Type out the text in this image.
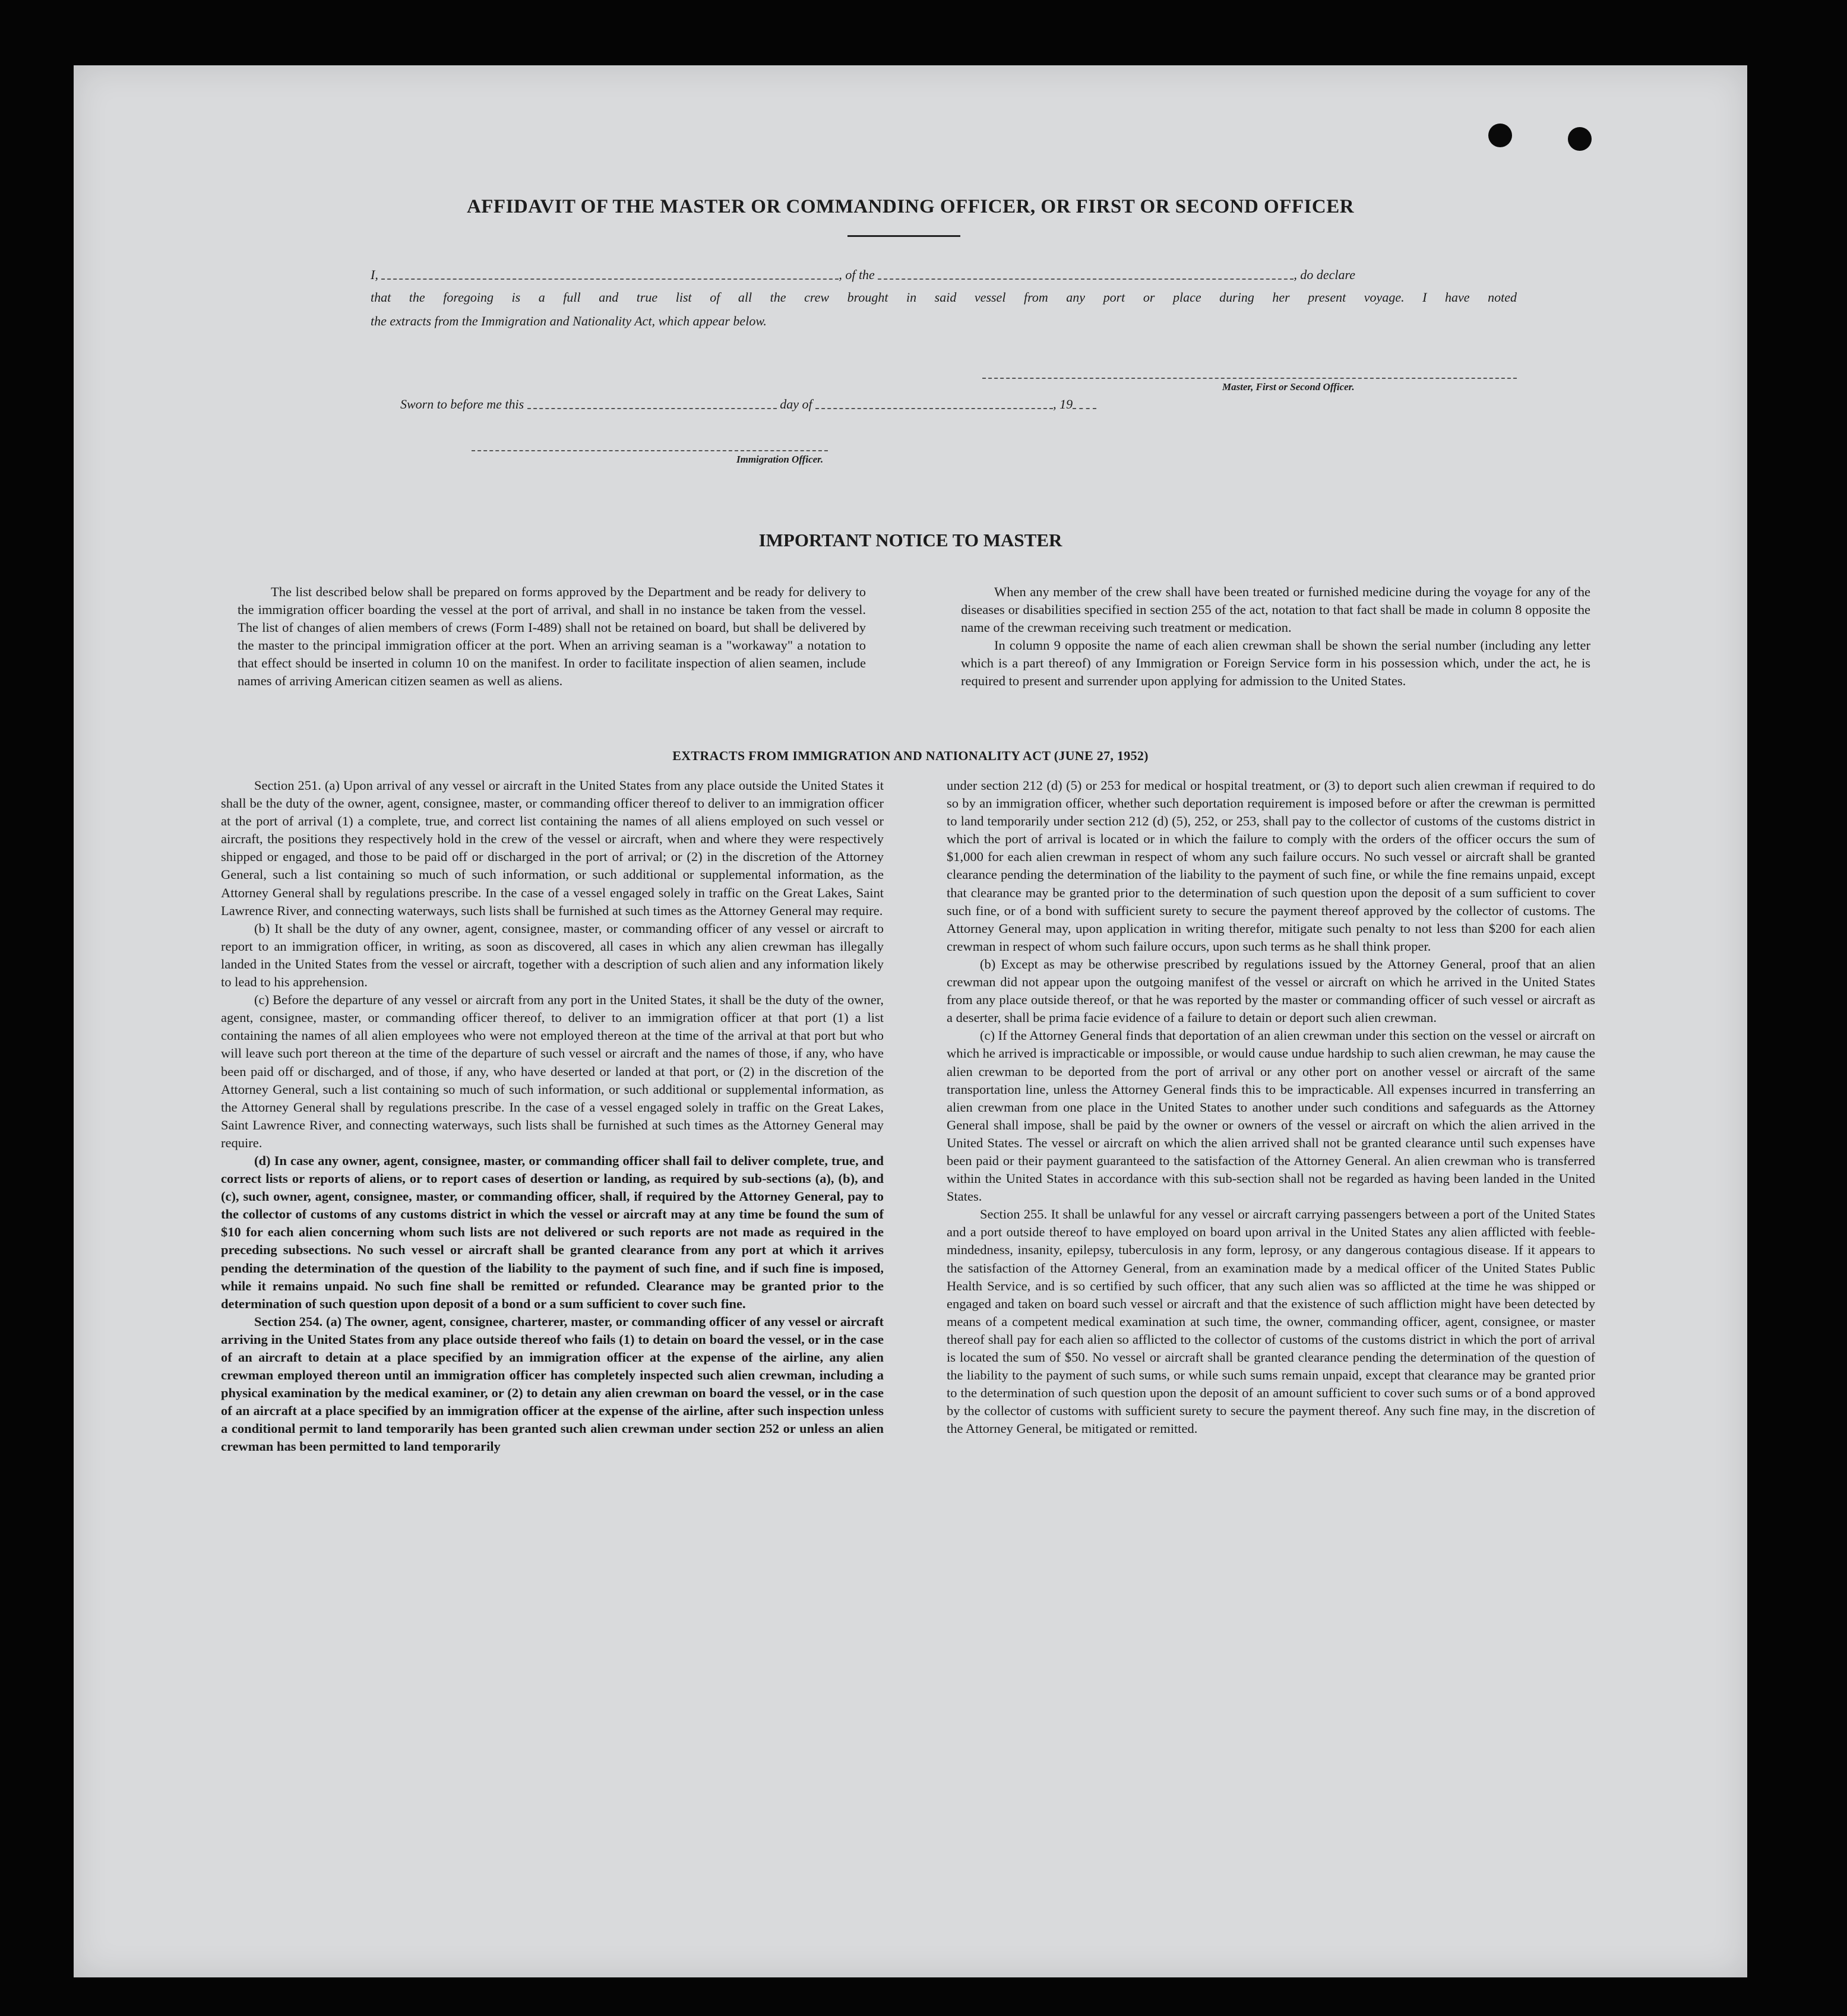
AFFIDAVIT OF THE MASTER OR COMMANDING OFFICER, OR FIRST OR SECOND OFFICER
I,	, of the	, do declare
that the foregoing is a full and true list of all the crew brought in said vessel from any port or place during her present voyage. I have noted
the extracts from the Immigration and Nationality Act, which appear below.
Master, First or Second Officer.
Sworn to before me this	day of	, 19
Immigration Officer.
IMPORTANT NOTICE TO MASTER

The list described below shall be prepared on forms approved by the Department and be ready for delivery to the immigration officer boarding the vessel at the port of arrival, and shall in no instance be taken from the vessel. The list of changes of alien members of crews (Form I-489) shall not be retained on board, but shall be delivered by the master to the principal immigration officer at the port. When an arriving seaman is a "workaway" a notation to that effect should be inserted in column 10 on the manifest. In order to facilitate inspection of alien seamen, include names of arriving American citizen seamen as well as aliens.

When any member of the crew shall have been treated or furnished medicine during the voyage for any of the diseases or disabilities specified in section 255 of the act, notation to that fact shall be made in column 8 opposite the name of the crewman receiving such treatment or medication.

In column 9 opposite the name of each alien crewman shall be shown the serial number (including any letter which is a part thereof) of any Immigration or Foreign Service form in his possession which, under the act, he is required to present and surrender upon applying for admission to the United States.

EXTRACTS FROM IMMIGRATION AND NATIONALITY ACT (JUNE 27, 1952)

Section 251. (a) Upon arrival of any vessel or aircraft in the United States from any place outside the United States it shall be the duty of the owner, agent, consignee, master, or commanding officer thereof to deliver to an immigration officer at the port of arrival (1) a complete, true, and correct list containing the names of all aliens employed on such vessel or aircraft, the positions they respectively hold in the crew of the vessel or aircraft, when and where they were respectively shipped or engaged, and those to be paid off or discharged in the port of arrival; or (2) in the discretion of the Attorney General, such a list containing so much of such information, or such additional or supplemental information, as the Attorney General shall by regulations prescribe. In the case of a vessel engaged solely in traffic on the Great Lakes, Saint Lawrence River, and connecting waterways, such lists shall be furnished at such times as the Attorney General may require.

(b) It shall be the duty of any owner, agent, consignee, master, or commanding officer of any vessel or aircraft to report to an immigration officer, in writing, as soon as discovered, all cases in which any alien crewman has illegally landed in the United States from the vessel or aircraft, together with a description of such alien and any information likely to lead to his apprehension.

(c) Before the departure of any vessel or aircraft from any port in the United States, it shall be the duty of the owner, agent, consignee, master, or commanding officer thereof, to deliver to an immigration officer at that port (1) a list containing the names of all alien employees who were not employed thereon at the time of the arrival at that port but who will leave such port thereon at the time of the departure of such vessel or aircraft and the names of those, if any, who have been paid off or discharged, and of those, if any, who have deserted or landed at that port, or (2) in the discretion of the Attorney General, such a list containing so much of such information, or such additional or supplemental information, as the Attorney General shall by regulations prescribe. In the case of a vessel engaged solely in traffic on the Great Lakes, Saint Lawrence River, and connecting waterways, such lists shall be furnished at such times as the Attorney General may require.

(d) In case any owner, agent, consignee, master, or commanding officer shall fail to deliver complete, true, and correct lists or reports of aliens, or to report cases of desertion or landing, as required by sub-sections (a), (b), and (c), such owner, agent, consignee, master, or commanding officer, shall, if required by the Attorney General, pay to the collector of customs of any customs district in which the vessel or aircraft may at any time be found the sum of $10 for each alien concerning whom such lists are not delivered or such reports are not made as required in the preceding subsections. No such vessel or aircraft shall be granted clearance from any port at which it arrives pending the determination of the question of the liability to the payment of such fine, and if such fine is imposed, while it remains unpaid. No such fine shall be remitted or refunded. Clearance may be granted prior to the determination of such question upon deposit of a bond or a sum sufficient to cover such fine.

Section 254. (a) The owner, agent, consignee, charterer, master, or commanding officer of any vessel or aircraft arriving in the United States from any place outside thereof who fails (1) to detain on board the vessel, or in the case of an aircraft to detain at a place specified by an immigration officer at the expense of the airline, any alien crewman employed thereon until an immigration officer has completely inspected such alien crewman, including a physical examination by the medical examiner, or (2) to detain any alien crewman on board the vessel, or in the case of an aircraft at a place specified by an immigration officer at the expense of the airline, after such inspection unless a conditional permit to land temporarily has been granted such alien crewman under section 252 or unless an alien crewman has been permitted to land temporarily

under section 212 (d) (5) or 253 for medical or hospital treatment, or (3) to deport such alien crewman if required to do so by an immigration officer, whether such deportation requirement is imposed before or after the crewman is permitted to land temporarily under section 212 (d) (5), 252, or 253, shall pay to the collector of customs of the customs district in which the port of arrival is located or in which the failure to comply with the orders of the officer occurs the sum of $1,000 for each alien crewman in respect of whom any such failure occurs. No such vessel or aircraft shall be granted clearance pending the determination of the liability to the payment of such fine, or while the fine remains unpaid, except that clearance may be granted prior to the determination of such question upon the deposit of a sum sufficient to cover such fine, or of a bond with sufficient surety to secure the payment thereof approved by the collector of customs. The Attorney General may, upon application in writing therefor, mitigate such penalty to not less than $200 for each alien crewman in respect of whom such failure occurs, upon such terms as he shall think proper.

(b) Except as may be otherwise prescribed by regulations issued by the Attorney General, proof that an alien crewman did not appear upon the outgoing manifest of the vessel or aircraft on which he arrived in the United States from any place outside thereof, or that he was reported by the master or commanding officer of such vessel or aircraft as a deserter, shall be prima facie evidence of a failure to detain or deport such alien crewman.

(c) If the Attorney General finds that deportation of an alien crewman under this section on the vessel or aircraft on which he arrived is impracticable or impossible, or would cause undue hardship to such alien crewman, he may cause the alien crewman to be deported from the port of arrival or any other port on another vessel or aircraft of the same transportation line, unless the Attorney General finds this to be impracticable. All expenses incurred in transferring an alien crewman from one place in the United States to another under such conditions and safeguards as the Attorney General shall impose, shall be paid by the owner or owners of the vessel or aircraft on which the alien arrived in the United States. The vessel or aircraft on which the alien arrived shall not be granted clearance until such expenses have been paid or their payment guaranteed to the satisfaction of the Attorney General. An alien crewman who is transferred within the United States in accordance with this sub-section shall not be regarded as having been landed in the United States.

Section 255. It shall be unlawful for any vessel or aircraft carrying passengers between a port of the United States and a port outside thereof to have employed on board upon arrival in the United States any alien afflicted with feeble-mindedness, insanity, epilepsy, tuberculosis in any form, leprosy, or any dangerous contagious disease. If it appears to the satisfaction of the Attorney General, from an examination made by a medical officer of the United States Public Health Service, and is so certified by such officer, that any such alien was so afflicted at the time he was shipped or engaged and taken on board such vessel or aircraft and that the existence of such affliction might have been detected by means of a competent medical examination at such time, the owner, commanding officer, agent, consignee, or master thereof shall pay for each alien so afflicted to the collector of customs of the customs district in which the port of arrival is located the sum of $50. No vessel or aircraft shall be granted clearance pending the determination of the question of the liability to the payment of such sums, or while such sums remain unpaid, except that clearance may be granted prior to the determination of such question upon the deposit of an amount sufficient to cover such sums or of a bond approved by the collector of customs with sufficient surety to secure the payment thereof. Any such fine may, in the discretion of the Attorney General, be mitigated or remitted.
